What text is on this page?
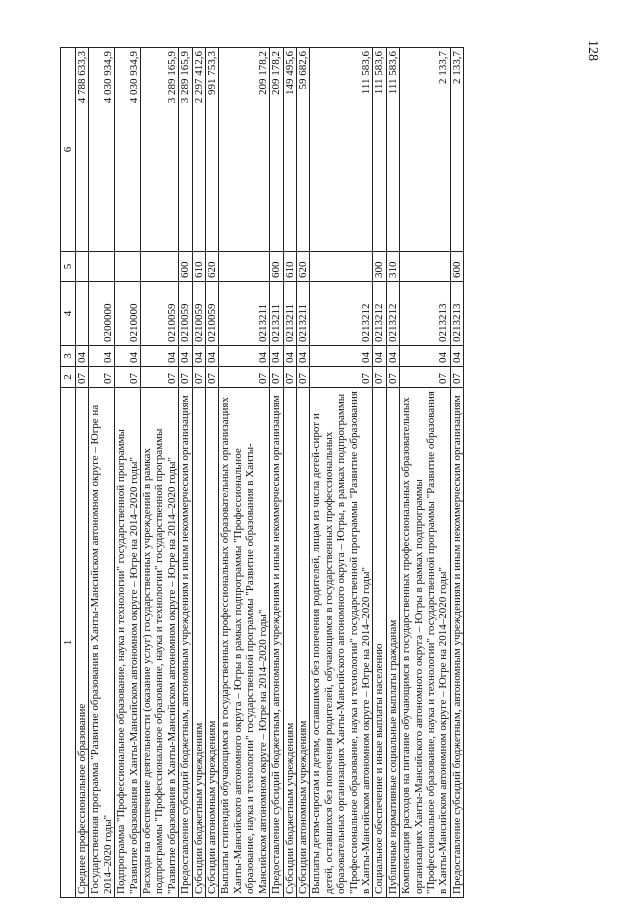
128
1	2	3	4	5	6
Среднее профессиональное образование	07	04			4 788 633,3
Государственная программа "Развитие образования в Ханты-Мансийском автономном округе – Югре на 2014–2020 годы"	07	04	0200000		4 030 934,9
Подпрограмма "Профессиональное образование, наука и технологии" государственной программы "Развитие образования в Ханты-Мансийском автономном округе – Югре на 2014–2020 годы"	07	04	0210000		4 030 934,9
Расходы на обеспечение деятельности (оказание услуг) государственных учреждений в рамках подпрограммы "Профессиональное образование, наука и технологии" государственной программы "Развитие образования в Ханты-Мансийском автономном округе – Югре на 2014–2020 годы"	07	04	0210059		3 289 165,9
Предоставление субсидий бюджетным, автономным учреждениям и иным некоммерческим организациям	07	04	0210059	600	3 289 165,9
Субсидии бюджетным учреждениям	07	04	0210059	610	2 297 412,6
Субсидии автономным учреждениям	07	04	0210059	620	991 753,3
Выплаты стипендий обучающимся в государственных профессиональных образовательных организациях Ханты-Мансийского автономного округа – Югры в рамках подпрограммы "Профессиональное образование, наука и технологии" государственной программы "Развитие образования в Ханты-Мансийском автономном округе – Югре на 2014–2020 годы"	07	04	0213211		209 178,2
Предоставление субсидий бюджетным, автономным учреждениям и иным некоммерческим организациям	07	04	0213211	600	209 178,2
Субсидии бюджетным учреждениям	07	04	0213211	610	149 495,6
Субсидии автономным учреждениям	07	04	0213211	620	59 682,6
Выплаты детям-сиротам и детям, оставшимся без попечения родителей, лицам из числа детей-сирот и детей, оставшихся без попечения родителей, обучающимся в государственных профессиональных образовательных организациях Ханты-Мансийского автономного округа – Югры, в рамках подпрограммы "Профессиональное образование, наука и технологии" государственной программы "Развитие образования в Ханты-Мансийском автономном округе – Югре на 2014–2020 годы"	07	04	0213212		111 583,6
Социальное обеспечение и иные выплаты населению	07	04	0213212	300	111 583,6
Публичные нормативные социальные выплаты гражданам	07	04	0213212	310	111 583,6
Компенсация расходов на питание обучающимся в государственных профессиональных образовательных организациях Ханты-Мансийского автономного округа – Югры в рамках подпрограммы "Профессиональное образование, наука и технологии" государственной программы "Развитие образования в Ханты-Мансийском автономном округе – Югре на 2014–2020 годы"	07	04	0213213		2 133,7
Предоставление субсидий бюджетным, автономным учреждениям и иным некоммерческим организациям	07	04	0213213	600	2 133,7
